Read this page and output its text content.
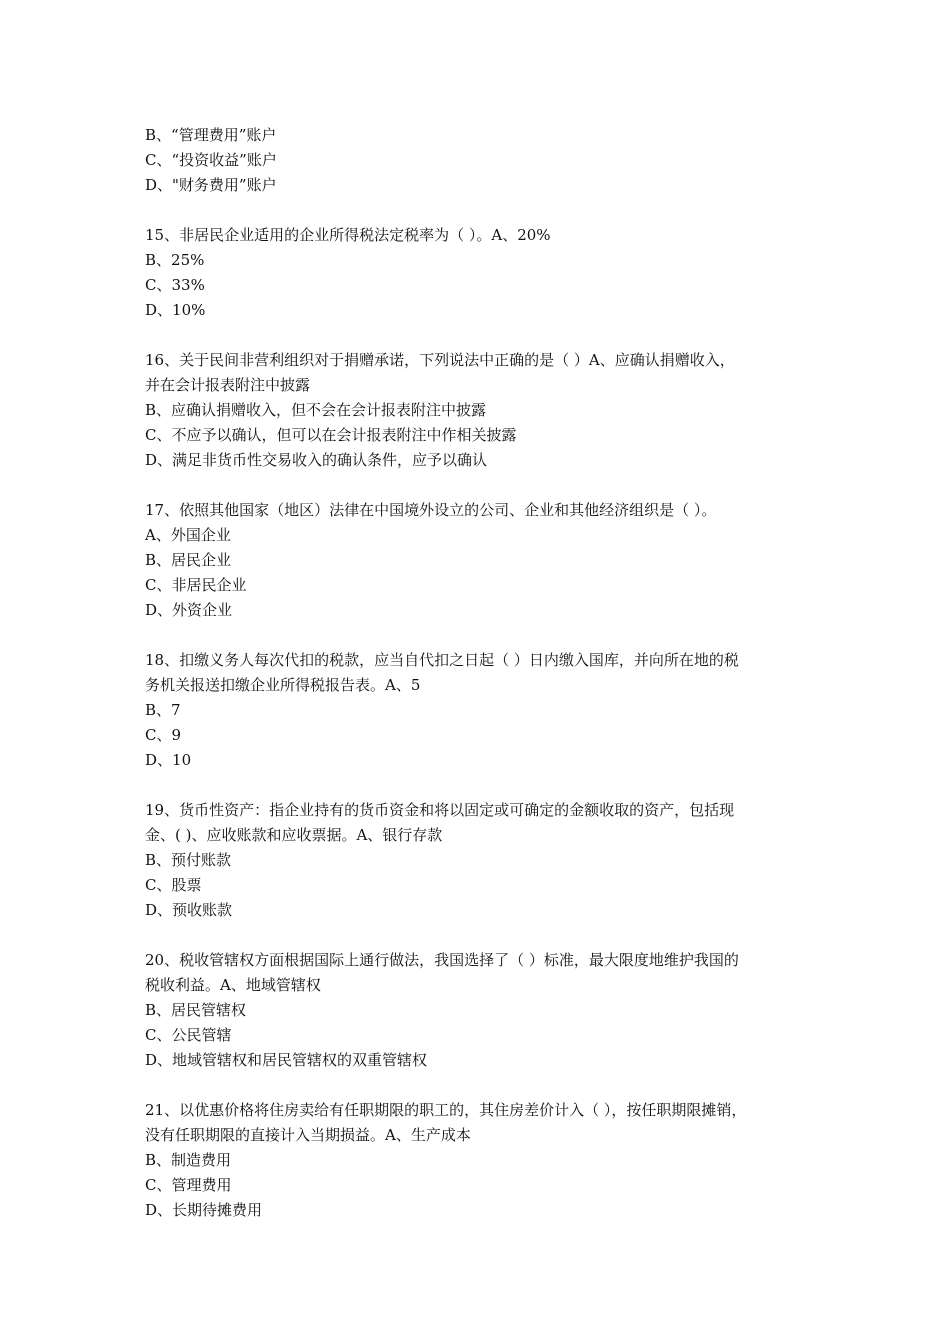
B、“管理费用”账户
C、“投资收益”账户
D、"财务费用”账户
15、非居民企业适用的企业所得税法定税率为（ ）。A、20%
B、25%
C、33%
D、10%
16、关于民间非营利组织对于捐赠承诺，下列说法中正确的是（ ）A、应确认捐赠收入，
并在会计报表附注中披露
B、应确认捐赠收入，但不会在会计报表附注中披露
C、不应予以确认，但可以在会计报表附注中作相关披露
D、满足非货币性交易收入的确认条件，应予以确认
17、依照其他国家（地区）法律在中国境外设立的公司、企业和其他经济组织是（ ）。
A、外国企业
B、居民企业
C、非居民企业
D、外资企业
18、扣缴义务人每次代扣的税款，应当自代扣之日起（ ）日内缴入国库，并向所在地的税
务机关报送扣缴企业所得税报告表。A、5
B、7
C、9
D、10
19、货币性资产：指企业持有的货币资金和将以固定或可确定的金额收取的资产，包括现
金、( )、应收账款和应收票据。A、银行存款
B、预付账款
C、股票
D、预收账款
20、税收管辖权方面根据国际上通行做法，我国选择了（ ）标准，最大限度地维护我国的
税收利益。A、地域管辖权
B、居民管辖权
C、公民管辖
D、地域管辖权和居民管辖权的双重管辖权
21、以优惠价格将住房卖给有任职期限的职工的，其住房差价计入（ ），按任职期限摊销，
没有任职期限的直接计入当期损益。A、生产成本
B、制造费用
C、管理费用
D、长期待摊费用
